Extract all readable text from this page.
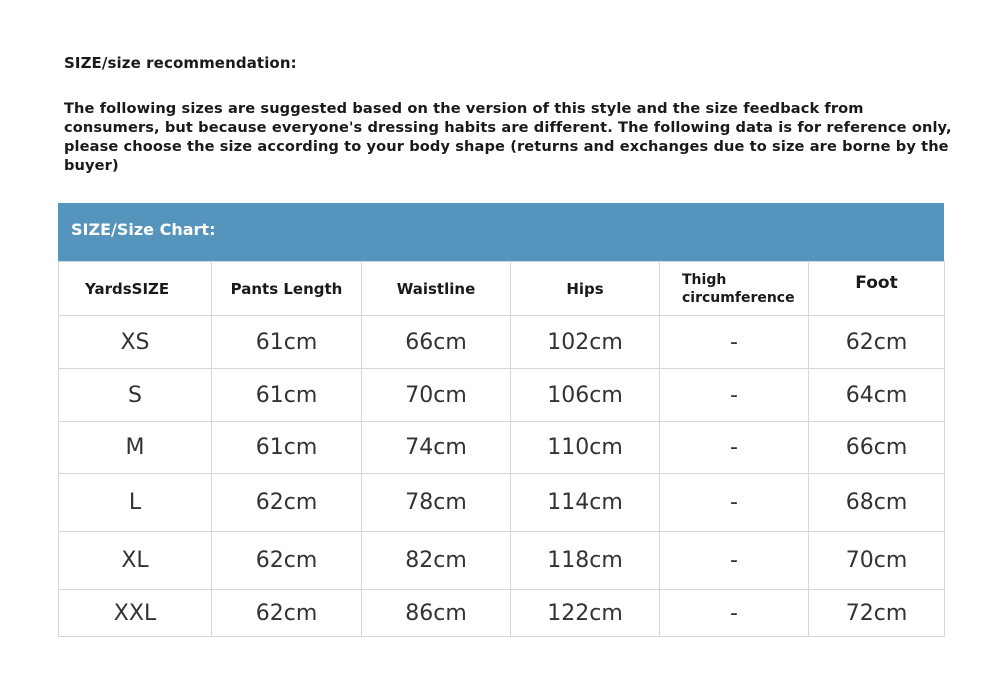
SIZE/size recommendation:
The following sizes are suggested based on the version of this style and the size feedback from consumers, but because everyone's dressing habits are different. The following data is for reference only, please choose the size according to your body shape (returns and exchanges due to size are borne by the buyer)
SIZE/Size Chart:
YardsSIZE	Pants Length	Waistline	Hips	Thigh circumference	Foot
XS	61cm	66cm	102cm	-	62cm
S	61cm	70cm	106cm	-	64cm
M	61cm	74cm	110cm	-	66cm
L	62cm	78cm	114cm	-	68cm
XL	62cm	82cm	118cm	-	70cm
XXL	62cm	86cm	122cm	-	72cm
